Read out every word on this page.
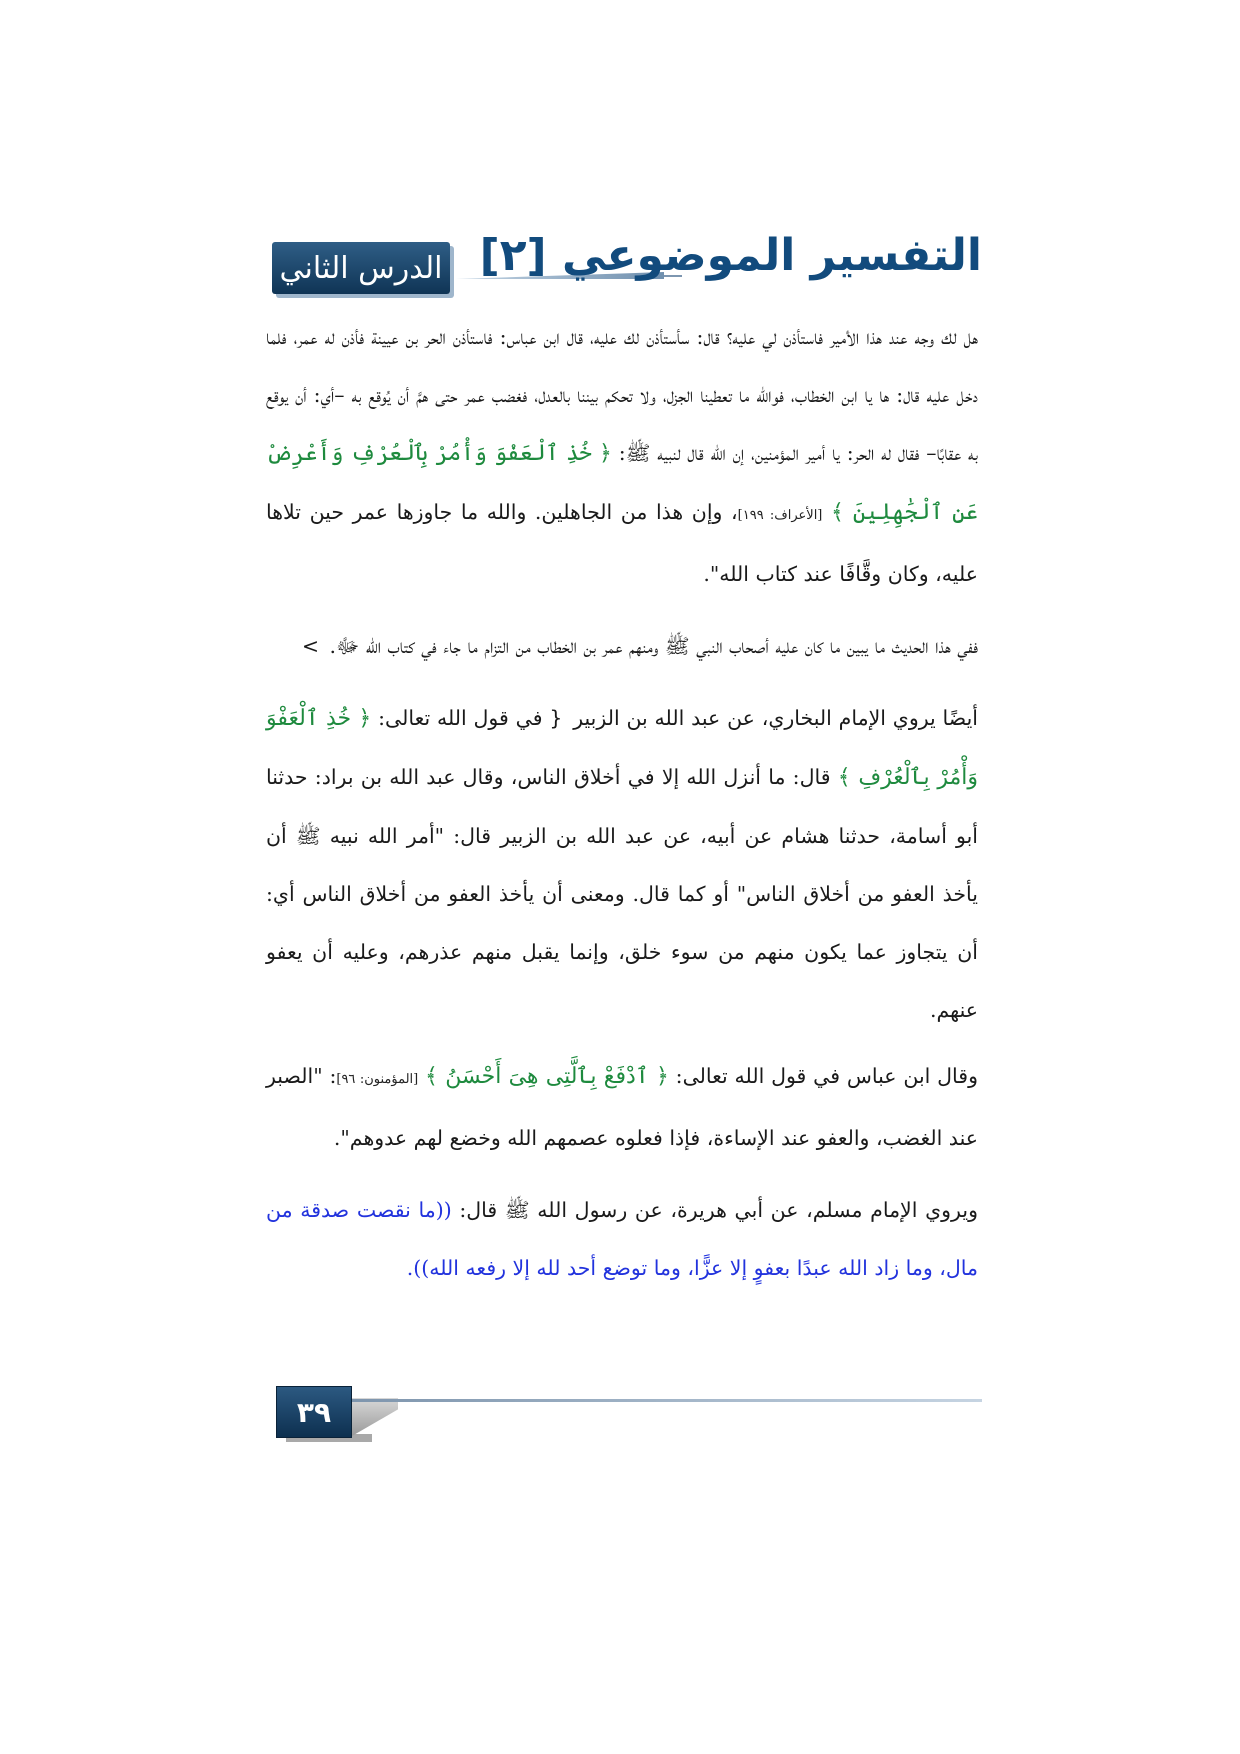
الدرس الثاني التفسير الموضوعي [٢]

هل لك وجه عند هذا الأمير فاستأذن لي عليه؟ قال: سأستأذن لك عليه، قال ابن عباس: فاستأذن الحر بن عيينة فأذن له عمر، فلما دخل عليه قال: ها يا ابن الخطاب، فوالله ما تعطينا الجزل، ولا تحكم بيننا بالعدل، فغضب عمر حتى همَّ أن يُوقع به –أي: أن يوقع به عقابًا– فقال له الحر: يا أمير المؤمنين، إن الله قال لنبيه ﷺ: ﴿ خُذِ ٱلْعَفْوَ وَأْمُرْ بِٱلْعُرْفِ وَأَعْرِضْ عَنِ ٱلْجَٰهِلِينَ ﴾ [الأعراف: ١٩٩]، وإن هذا من الجاهلين. والله ما جاوزها عمر حين تلاها عليه، وكان وقَّافًا عند كتاب الله".

ففي هذا الحديث ما يبين ما كان عليه أصحاب النبي ﷺ ومنهم عمر بن الخطاب من التزام ما جاء في كتاب الله ﷻ. >

أيضًا يروي الإمام البخاري، عن عبد الله بن الزبير { في قول الله تعالى: ﴿ خُذِ ٱلْعَفْوَ وَأْمُرْ بِٱلْعُرْفِ ﴾ قال: ما أنزل الله إلا في أخلاق الناس، وقال عبد الله بن براد: حدثنا أبو أسامة، حدثنا هشام عن أبيه، عن عبد الله بن الزبير قال: "أمر الله نبيه ﷺ أن يأخذ العفو من أخلاق الناس" أو كما قال. ومعنى أن يأخذ العفو من أخلاق الناس أي: أن يتجاوز عما يكون منهم من سوء خلق، وإنما يقبل منهم عذرهم، وعليه أن يعفو عنهم.

وقال ابن عباس في قول الله تعالى: ﴿ ٱدْفَعْ بِٱلَّتِى هِىَ أَحْسَنُ ﴾ [المؤمنون: ٩٦]: "الصبر عند الغضب، والعفو عند الإساءة، فإذا فعلوه عصمهم الله وخضع لهم عدوهم".

ويروي الإمام مسلم، عن أبي هريرة، عن رسول الله ﷺ قال: ((ما نقصت صدقة من مال، وما زاد الله عبدًا بعفوٍ إلا عزًّا، وما توضع أحد لله إلا رفعه الله)).

٣٩
